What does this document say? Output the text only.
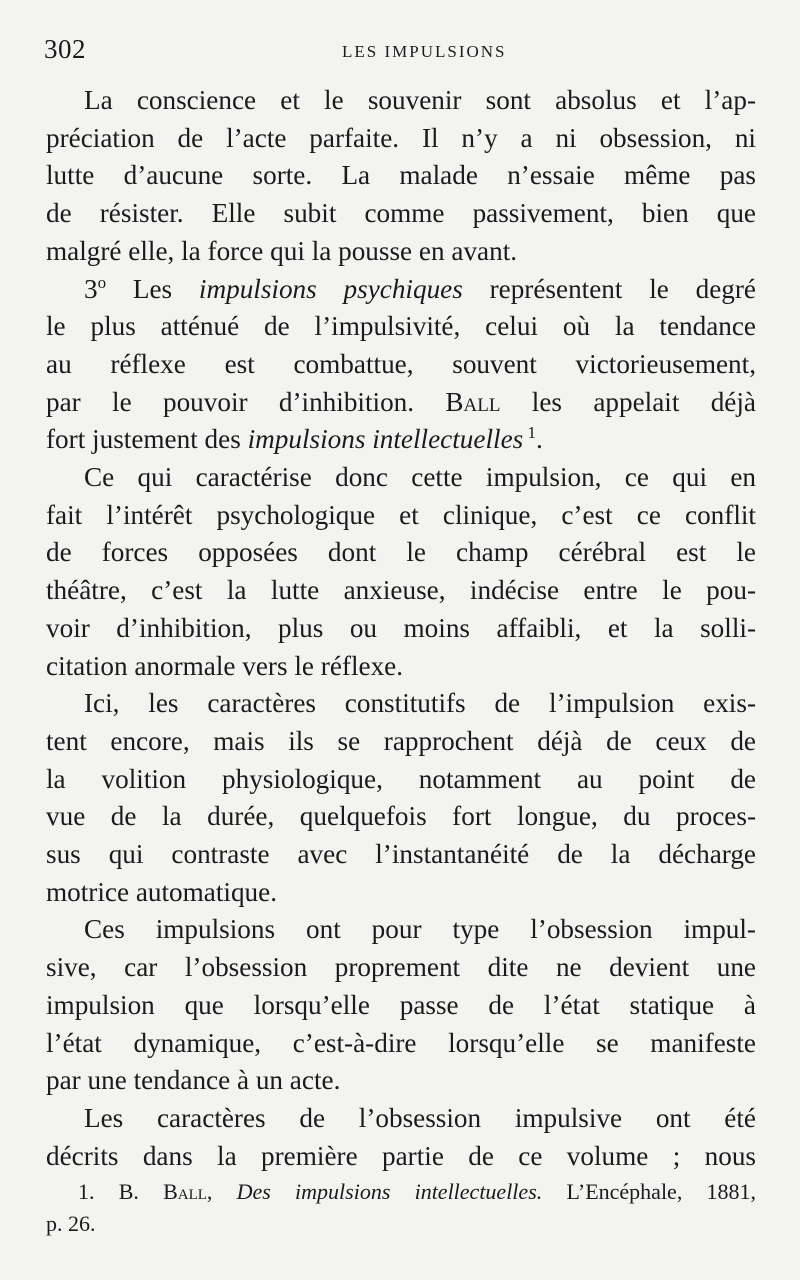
302	LES IMPULSIONS
La conscience et le souvenir sont absolus et l’ap-
préciation de l’acte parfaite. Il n’y a ni obsession, ni
lutte d’aucune sorte. La malade n’essaie même pas
de résister. Elle subit comme passivement, bien que
malgré elle, la force qui la pousse en avant.
3$^o$ Les impulsions psychiques représentent le degré
le plus atténué de l’impulsivité, celui où la tendance
au réflexe est combattue, souvent victorieusement,
par le pouvoir d’inhibition. Ball les appelait déjà
fort justement des impulsions intellectuelles $^1$.
Ce qui caractérise donc cette impulsion, ce qui en
fait l’intérêt psychologique et clinique, c’est ce conflit
de forces opposées dont le champ cérébral est le
théâtre, c’est la lutte anxieuse, indécise entre le pou-
voir d’inhibition, plus ou moins affaibli, et la solli-
citation anormale vers le réflexe.
Ici, les caractères constitutifs de l’impulsion exis-
tent encore, mais ils se rapprochent déjà de ceux de
la volition physiologique, notamment au point de
vue de la durée, quelquefois fort longue, du proces-
sus qui contraste avec l’instantanéité de la décharge
motrice automatique.
Ces impulsions ont pour type l’obsession impul-
sive, car l’obsession proprement dite ne devient une
impulsion que lorsqu’elle passe de l’état statique à
l’état dynamique, c’est-à-dire lorsqu’elle se manifeste
par une tendance à un acte.
Les caractères de l’obsession impulsive ont été
décrits dans la première partie de ce volume ; nous
1. B. Ball, Des impulsions intellectuelles. L’Encéphale, 1881,
p. 26.
